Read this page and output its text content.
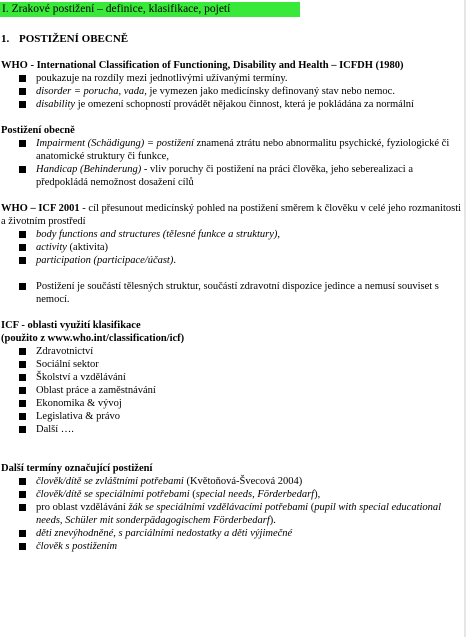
I. Zrakové postižení – definice, klasifikace, pojetí
1. POSTIŽENÍ OBECNĚ

WHO - International Classification of Functioning, Disability and Health – ICFDH (1980)

poukazuje na rozdíly mezi jednotlivými užívanými termíny.
disorder = porucha, vada, je vymezen jako medicínsky definovaný stav nebo nemoc.
disability je omezení schopností provádět nějakou činnost, která je pokládána za normální

Postižení obecně

Impairment (Schädigung) = postižení znamená ztrátu nebo abnormalitu psychické, fyziologické či anatomické struktury či funkce,
Handicap (Behinderung) - vliv poruchy či postižení na práci člověka, jeho seberealizaci a předpokládá nemožnost dosažení cílů

WHO – ICF 2001 - cíl přesunout medicínský pohled na postižení směrem k člověku v celé jeho rozmanitosti a životním prostředí

body functions and structures (tělesné funkce a struktury),
activity (aktivita)
participation (participace/účast).
Postižení je součástí tělesných struktur, součástí zdravotní dispozice jedince a nemusí souviset s nemocí.

ICF - oblasti využití klasifikace

(použito z www.who.int/classification/icf)

Zdravotnictví
Sociální sektor
Školství a vzdělávání
Oblast práce a zaměstnávání
Ekonomika & vývoj
Legislativa & právo
Další ….

Další termíny označující postižení

člověk/dítě se zvláštními potřebami (Květoňová-Švecová 2004)
člověk/dítě se speciálními potřebami (special needs, Förderbedarf),
pro oblast vzdělávání žák se speciálními vzdělávacími potřebami (pupil with special educational needs, Schüler mit sonderpädagogischem Förderbedarf).
děti znevýhodněné, s parciálními nedostatky a děti výjimečné
člověk s postižením
